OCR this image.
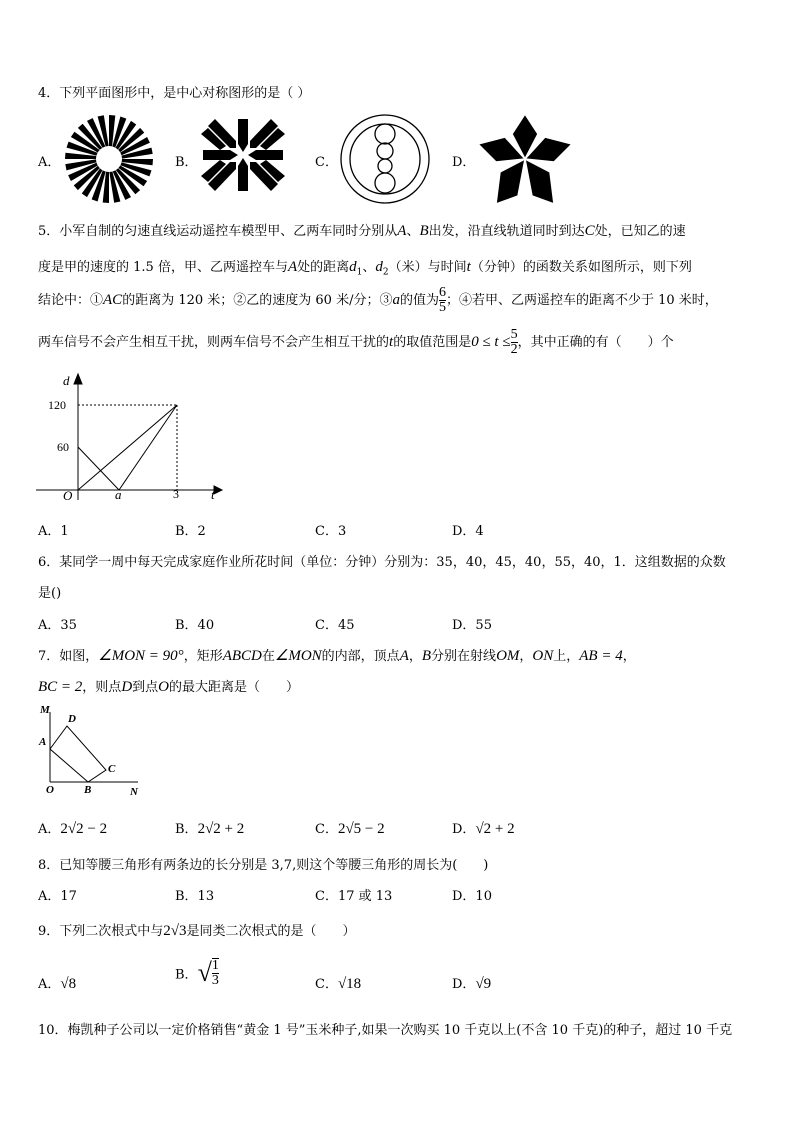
4．下列平面图形中，是中心对称图形的是（ ）
A．	B．	C．	D．
5．小军自制的匀速直线运动遥控车模型甲、乙两车同时分别从A、B出发，沿直线轨道同时到达C处，已知乙的速
度是甲的速度的 1.5 倍，甲、乙两遥控车与A处的距离$d_1$、$d_2$（米）与时间t（分钟）的函数关系如图所示，则下列
结论中：①AC的距离为 120 米；②乙的速度为 60 米/分；③a的值为 $\frac{6}{5}$ ；④若甲、乙两遥控车的距离不少于 10 米时，
两车信号不会产生相互干扰，则两车信号不会产生相互干扰的t的取值范围是$0 \le t \le \frac{5}{2}$ ，其中正确的有（　　）个
d
120
60
O	a	3 t
A．1	B．2	C．3	D．4
6．某同学一周中每天完成家庭作业所花时间（单位：分钟）分别为：35，40，45，40，55，40，1．这组数据的众数
是()
A．35	B．40	C．45	D．55
7．如图，∠MON = 90°，矩形ABCD在∠MON的内部，顶点A，B分别在射线OM，ON上，AB = 4，
BC = 2，则点D到点O的最大距离是（　　）
M
D
A
C
O	B	N
A．2√2 − 2	B．2√2 + 2	C．2√5 − 2	D．√2 + 2
8．已知等腰三角形有两条边的长分别是 3,7,则这个等腰三角形的周长为(　　)
A．17	B．13	C．17 或 13	D．10
9．下列二次根式中与2√3是同类二次根式的是（　　）
A．√8
B．√ $\frac{1}{3}$	C．√18	D．√9
10．梅凯种子公司以一定价格销售“黄金 1 号”玉米种子,如果一次购买 10 千克以上(不含 10 千克)的种子，超过 10 千克
